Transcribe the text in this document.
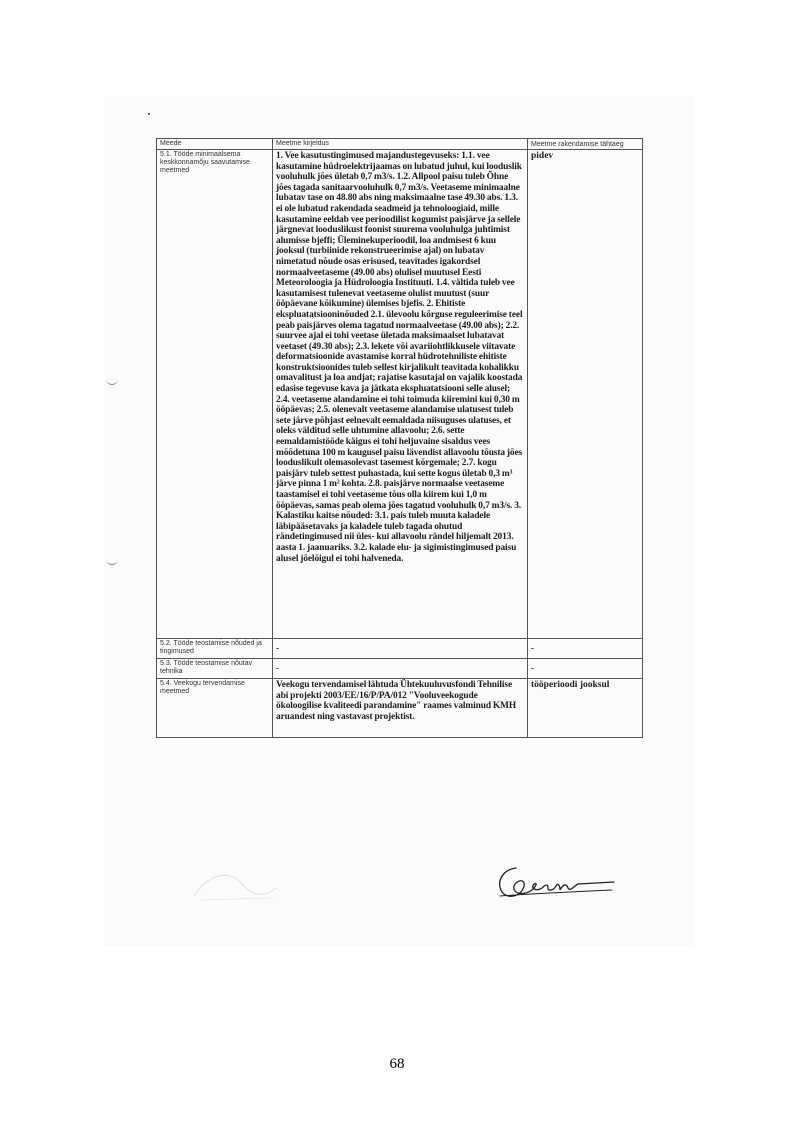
Meede	Meetme kirjeldus	Meetme rakendamise tähtaeg
5.1. Tööde minimaalsema keskkonnamõju saavutamise meetmed	1. Vee kasutustingimused majandustegevuseks: 1.1. vee kasutamine hüdroelektrijaamas on lubatud juhul, kui looduslik vooluhulk jões ületab 0,7 m3/s. 1.2. Allpool paisu tuleb Õhne jões tagada sanitaarvooluhulk 0,7 m3/s. Veetaseme minimaalne lubatav tase on 48.80 abs ning maksimaalne tase 49.30 abs. 1.3. ei ole lubatud rakendada seadmeid ja tehnoloogiaid, mille kasutamine eeldab vee perioodilist kogumist paisjärve ja sellele järgnevat looduslikust foonist suurema vooluhulga juhtimist alumisse bjeffi; Üleminekuperioodil, loa andmisest 6 kuu jooksul (turbiinide rekonstrueerimise ajal) on lubatav nimetatud nõude osas erisused, teavitades igakordsel normaalveetaseme (49.00 abs) olulisel muutusel Eesti Meteoroloogia ja Hüdroloogia Instituuti. 1.4. vältida tuleb vee kasutamisest tulenevat veetaseme olulist muutust (suur ööpäevane kõikumine) ülemises bjefis. 2. Ehitiste ekspluatatsiooninõuded 2.1. ülevoolu kõrguse reguleerimise teel peab paisjärves olema tagatud normaalveetase (49.00 abs); 2.2. suurvee ajal ei tohi veetase ületada maksimaalset lubatavat veetaset (49.30 abs); 2.3. lekete või avariiohtlikkusele viitavate deformatsioonide avastamise korral hüdrotehniliste ehitiste konstruktsioonides tuleb sellest kirjalikult teavitada kohalikku omavalitust ja loa andjat; rajatise kasutajal on vajalik koostada edasise tegevuse kava ja jätkata ekspluatatsiooni selle alusel; 2.4. veetaseme alandamine ei tohi toimuda kiiremini kui 0,30 m ööpäevas; 2.5. olenevalt veetaseme alandamise ulatusest tuleb sete järve põhjast eelnevalt eemaldada niisuguses ulatuses, et oleks välditud selle uhtumine allavoolu; 2.6. sette eemaldamistööde käigus ei tohi heljuvaine sisaldus vees mõõdetuna 100 m kaugusel paisu lävendist allavoolu tõusta jões looduslikult olemasolevast tasemest kõrgemale; 2.7. kogu paisjärv tuleb settest puhastada, kui sette kogus ületab 0,3 m³ järve pinna 1 m² kohta. 2.8. paisjärve normaalse veetaseme taastamisel ei tohi veetaseme tõus olla kiirem kui 1,0 m ööpäevas, samas peab olema jões tagatud vooluhulk 0,7 m3/s. 3. Kalastiku kaitse nõuded: 3.1. pais tuleb muuta kaladele läbipääsetavaks ja kaladele tuleb tagada ohutud rändetingimused nii üles- kui allavoolu rändel hiljemalt 2013. aasta 1. jaanuariks. 3.2. kalade elu- ja sigimistingimused paisu alusel jõelõigul ei tohi halveneda.	pidev
5.2. Tööde teostamise nõuded ja tingimused	-	-
5.3. Tööde teostamise nõutav tehnika	-	-
5.4. Veekogu tervendamise meetmed	Veekogu tervendamisel lähtuda Ühtekuuluvusfondi Tehnilise abi projekti 2003/EE/16/P/PA/012 "Vooluveekogude ökoloogilise kvaliteedi parandamine" raames valminud KMH aruandest ning vastavast projektist.	tööperioodi jooksul
68
